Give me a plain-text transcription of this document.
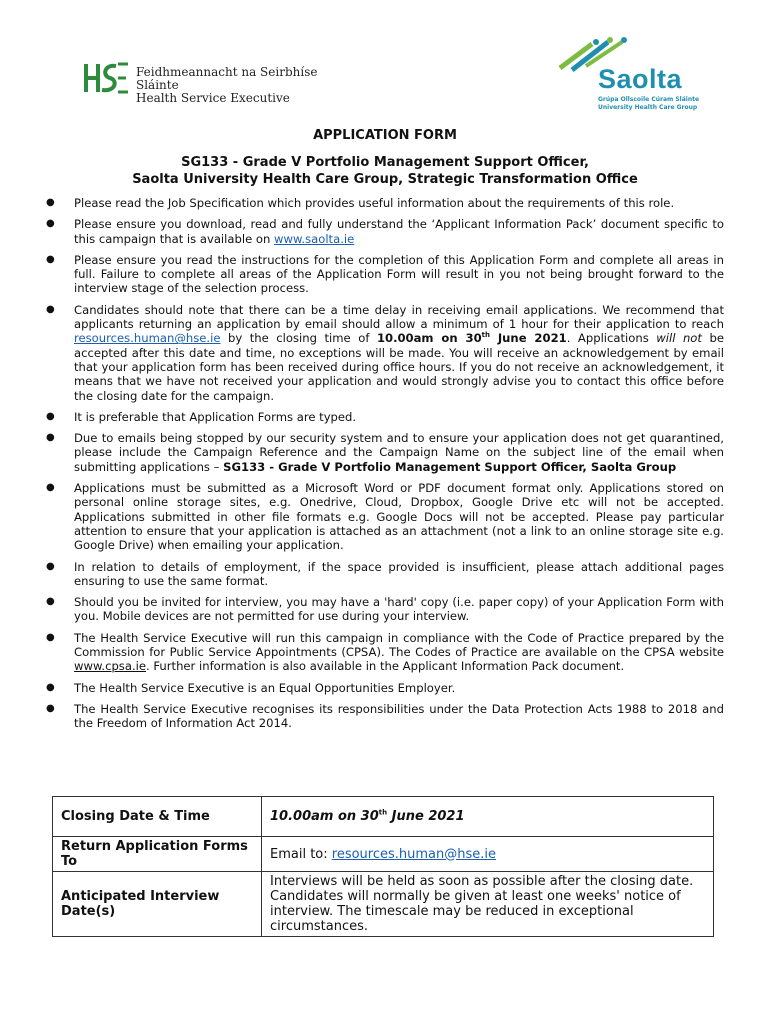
Feidhmeannacht na Seirbhíse Sláinte
Health Service Executive
Saolta
Grúpa Ollscoile Cúram Sláinte
University Health Care Group
APPLICATION FORM
SG133 - Grade V Portfolio Management Support Officer,
Saolta University Health Care Group, Strategic Transformation Office
● Please read the Job Specification which provides useful information about the requirements of this role.
● Please ensure you download, read and fully understand the ‘Applicant Information Pack’ document specific to this campaign that is available on www.saolta.ie
● Please ensure you read the instructions for the completion of this Application Form and complete all areas in full. Failure to complete all areas of the Application Form will result in you not being brought forward to the interview stage of the selection process.
● Candidates should note that there can be a time delay in receiving email applications. We recommend that applicants returning an application by email should allow a minimum of 1 hour for their application to reach resources.human@hse.ie by the closing time of 10.00am on 30th June 2021. Applications will not be accepted after this date and time, no exceptions will be made. You will receive an acknowledgement by email that your application form has been received during office hours. If you do not receive an acknowledgement, it means that we have not received your application and would strongly advise you to contact this office before the closing date for the campaign.
● It is preferable that Application Forms are typed.
● Due to emails being stopped by our security system and to ensure your application does not get quarantined, please include the Campaign Reference and the Campaign Name on the subject line of the email when submitting applications – SG133 - Grade V Portfolio Management Support Officer, Saolta Group
● Applications must be submitted as a Microsoft Word or PDF document format only. Applications stored on personal online storage sites, e.g. Onedrive, Cloud, Dropbox, Google Drive etc will not be accepted. Applications submitted in other file formats e.g. Google Docs will not be accepted. Please pay particular attention to ensure that your application is attached as an attachment (not a link to an online storage site e.g. Google Drive) when emailing your application.
● In relation to details of employment, if the space provided is insufficient, please attach additional pages ensuring to use the same format.
● Should you be invited for interview, you may have a 'hard' copy (i.e. paper copy) of your Application Form with you. Mobile devices are not permitted for use during your interview.
● The Health Service Executive will run this campaign in compliance with the Code of Practice prepared by the Commission for Public Service Appointments (CPSA). The Codes of Practice are available on the CPSA website www.cpsa.ie. Further information is also available in the Applicant Information Pack document.
● The Health Service Executive is an Equal Opportunities Employer.
● The Health Service Executive recognises its responsibilities under the Data Protection Acts 1988 to 2018 and the Freedom of Information Act 2014.
Closing Date & Time	10.00am on 30th June 2021
Return Application Forms To	Email to: resources.human@hse.ie
Anticipated Interview Date(s)	Interviews will be held as soon as possible after the closing date. Candidates will normally be given at least one weeks' notice of interview. The timescale may be reduced in exceptional circumstances.
